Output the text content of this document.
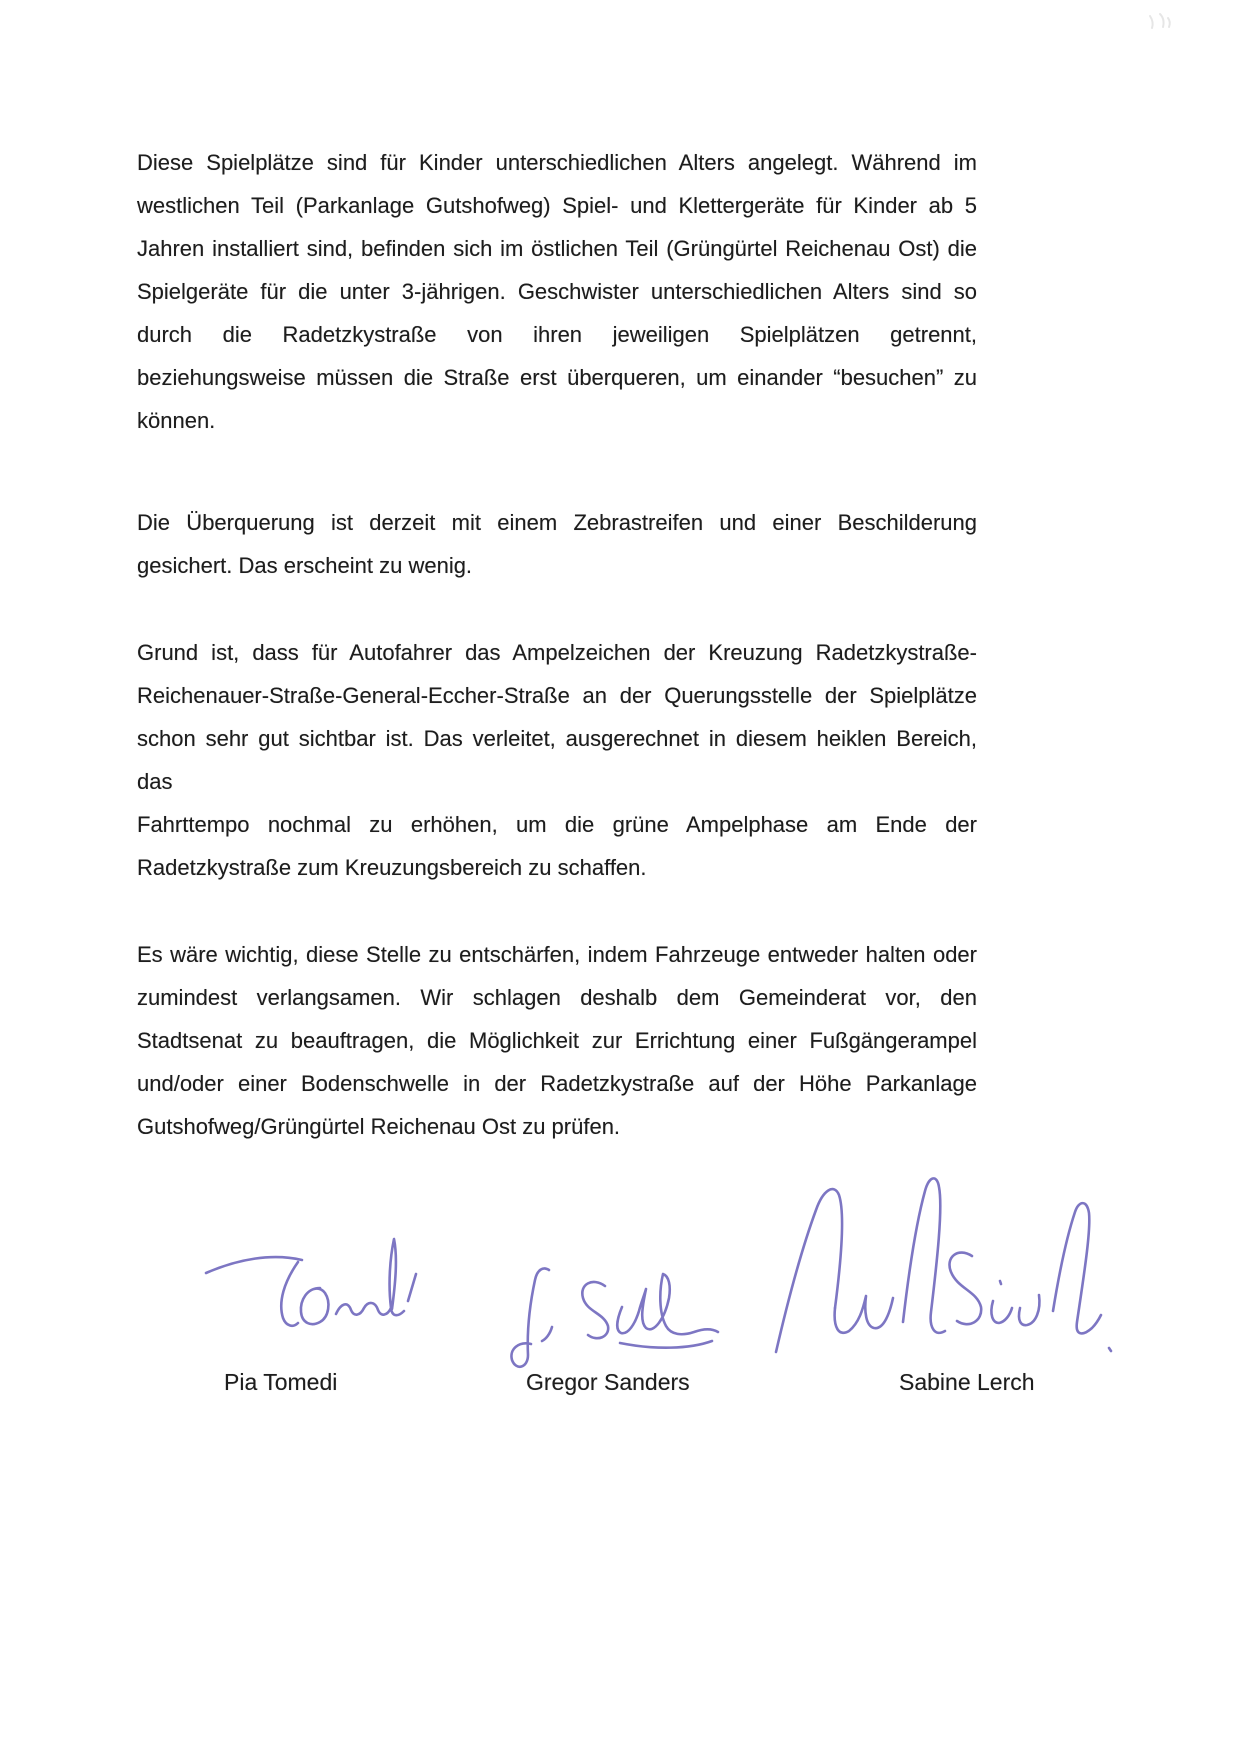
Diese Spielplätze sind für Kinder unterschiedlichen Alters angelegt. Während im
westlichen Teil (Parkanlage Gutshofweg) Spiel- und Klettergeräte für Kinder ab 5
Jahren installiert sind, befinden sich im östlichen Teil (Grüngürtel Reichenau Ost) die
Spielgeräte für die unter 3-jährigen. Geschwister unterschiedlichen Alters sind so
durch die Radetzkystraße von ihren jeweiligen Spielplätzen getrennt,
beziehungsweise müssen die Straße erst überqueren, um einander “besuchen” zu
können.
Die Überquerung ist derzeit mit einem Zebrastreifen und einer Beschilderung
gesichert. Das erscheint zu wenig.
Grund ist, dass für Autofahrer das Ampelzeichen der Kreuzung Radetzkystraße-
Reichenauer-Straße-General-Eccher-Straße an der Querungsstelle der Spielplätze
schon sehr gut sichtbar ist. Das verleitet, ausgerechnet in diesem heiklen Bereich, das
Fahrttempo nochmal zu erhöhen, um die grüne Ampelphase am Ende der
Radetzkystraße zum Kreuzungsbereich zu schaffen.
Es wäre wichtig, diese Stelle zu entschärfen, indem Fahrzeuge entweder halten oder
zumindest verlangsamen. Wir schlagen deshalb dem Gemeinderat vor, den
Stadtsenat zu beauftragen, die Möglichkeit zur Errichtung einer Fußgängerampel
und/oder einer Bodenschwelle in der Radetzkystraße auf der Höhe Parkanlage
Gutshofweg/Grüngürtel Reichenau Ost zu prüfen.
Pia Tomedi	Gregor Sanders	Sabine Lerch
